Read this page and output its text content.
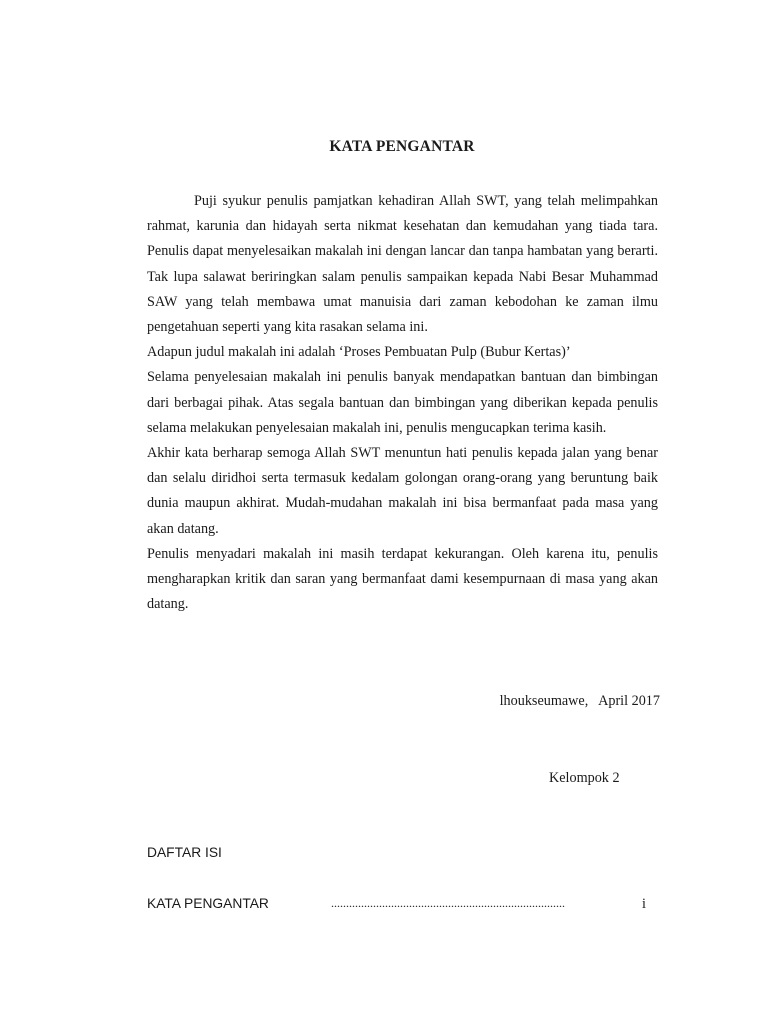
KATA PENGANTAR

Puji syukur penulis pamjatkan kehadiran Allah SWT, yang telah melimpahkan rahmat, karunia dan hidayah serta nikmat kesehatan dan kemudahan yang tiada tara. Penulis dapat menyelesaikan makalah ini dengan lancar dan tanpa hambatan yang berarti. Tak lupa salawat beriringkan salam penulis sampaikan kepada Nabi Besar Muhammad SAW yang telah membawa umat manuisia dari zaman kebodohan ke zaman ilmu pengetahuan seperti yang kita rasakan selama ini.

Adapun judul makalah ini adalah ‘Proses Pembuatan Pulp (Bubur Kertas)’

Selama penyelesaian makalah ini penulis banyak mendapatkan bantuan dan bimbingan dari berbagai pihak. Atas segala bantuan dan bimbingan yang diberikan kepada penulis selama melakukan penyelesaian makalah ini, penulis mengucapkan terima kasih.

Akhir kata berharap semoga Allah SWT menuntun hati penulis kepada jalan yang benar dan selalu diridhoi serta termasuk kedalam golongan orang-orang yang beruntung baik dunia maupun akhirat. Mudah-mudahan makalah ini bisa bermanfaat pada masa yang akan datang.

Penulis menyadari makalah ini masih terdapat kekurangan. Oleh karena itu, penulis mengharapkan kritik dan saran yang bermanfaat dami kesempurnaan di masa yang akan datang.

lhoukseumawe,   April 2017
Kelompok 2
DAFTAR ISI
KATA PENGANTAR	..............................................................................	i
